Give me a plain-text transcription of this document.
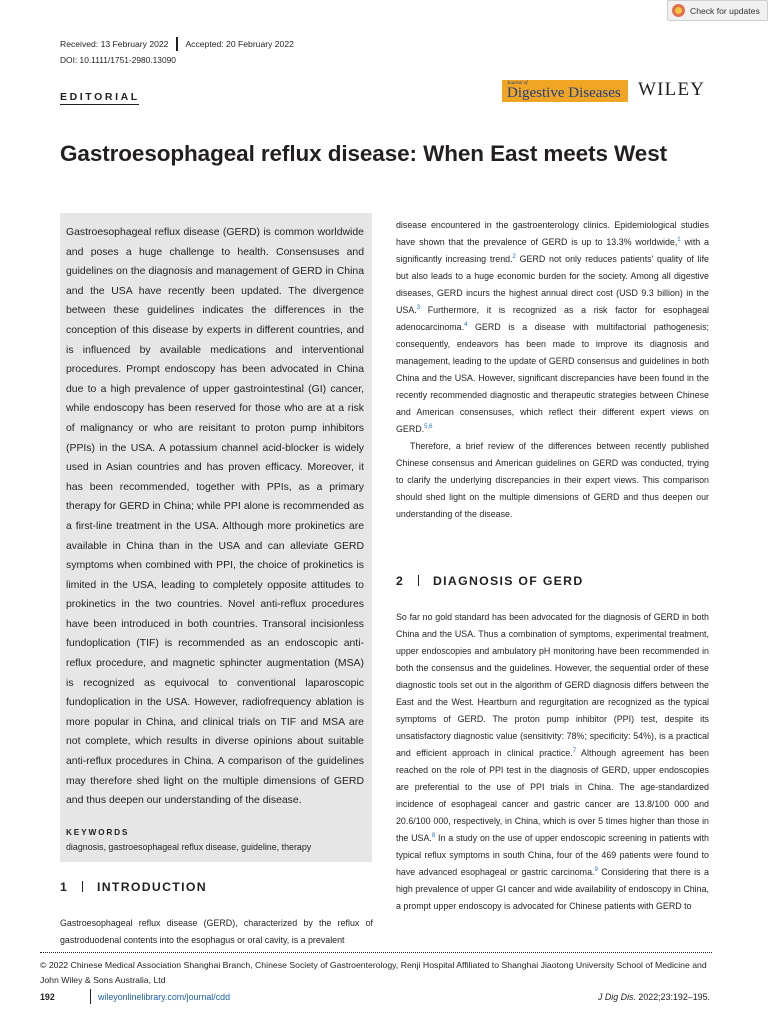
Check for updates
Received: 13 February 2022 Accepted: 20 February 2022
DOI: 10.1111/1751-2980.13090
EDITORIAL
Journal of
Digestive Diseases WILEY
Gastroesophageal reflux disease: When East meets West
Gastroesophageal reflux disease (GERD) is common worldwide and poses a huge challenge to health. Consensuses and guidelines on the diagnosis and management of GERD in China and the USA have recently been updated. The divergence between these guidelines indicates the differences in the conception of this disease by experts in different countries, and is influenced by available medications and interventional procedures. Prompt endoscopy has been advocated in China due to a high prevalence of upper gastrointestinal (GI) cancer, while endoscopy has been reserved for those who are at a risk of malignancy or who are reisitant to proton pump inhibitors (PPIs) in the USA. A potassium channel acid-blocker is widely used in Asian countries and has proven efficacy. Moreover, it has been recommended, together with PPIs, as a primary therapy for GERD in China; while PPI alone is recommended as a first-line treatment in the USA. Although more prokinetics are available in China than in the USA and can alleviate GERD symptoms when combined with PPI, the choice of prokinetics is limited in the USA, leading to completely opposite attitudes to prokinetics in the two countries. Novel anti-reflux procedures have been introduced in both countries. Transoral incisionless fundoplication (TIF) is recommended as an endoscopic anti-reflux procedure, and magnetic sphincter augmentation (MSA) is recognized as equivocal to conventional laparoscopic fundoplication in the USA. However, radiofrequency ablation is more popular in China, and clinical trials on TIF and MSA are not complete, which results in diverse opinions about suitable anti-reflux procedures in China. A comparison of the guidelines may therefore shed light on the multiple dimensions of GERD and thus deepen our understanding of the disease.
KEYWORDS
diagnosis, gastroesophageal reflux disease, guideline, therapy
1 INTRODUCTION

Gastroesophageal reflux disease (GERD), characterized by the reflux of gastroduodenal contents into the esophagus or oral cavity, is a prevalent

disease encountered in the gastroenterology clinics. Epidemiological studies have shown that the prevalence of GERD is up to 13.3% worldwide,$^1$ with a significantly increasing trend.$^2$ GERD not only reduces patients' quality of life but also leads to a huge economic burden for the society. Among all digestive diseases, GERD incurs the highest annual direct cost (USD 9.3 billion) in the USA.$^3$ Furthermore, it is recognized as a risk factor for esophageal adenocarcinoma.$^4$ GERD is a disease with multifactorial pathogenesis; consequently, endeavors has been made to improve its diagnosis and management, leading to the update of GERD consensus and guidelines in both China and the USA. However, significant discrepancies have been found in the recently recommended diagnostic and therapeutic strategies between Chinese and American consensuses, which reflect their different expert views on GERD.$^{5,6}$

Therefore, a brief review of the differences between recently published Chinese consensus and American guidelines on GERD was conducted, trying to clarify the underlying discrepancies in their expert views. This comparison should shed light on the multiple dimensions of GERD and thus deepen our understanding of the disease.

2 DIAGNOSIS OF GERD

So far no gold standard has been advocated for the diagnosis of GERD in both China and the USA. Thus a combination of symptoms, experimental treatment, upper endoscopies and ambulatory pH monitoring have been recommended in both the consensus and the guidelines. However, the sequential order of these diagnostic tools set out in the algorithm of GERD diagnosis differs between the East and the West. Heartburn and regurgitation are recognized as the typical symptoms of GERD. The proton pump inhibitor (PPI) test, despite its unsatisfactory diagnostic value (sensitivity: 78%; specificity: 54%), is a practical and efficient approach in clinical practice.$^7$ Although agreement has been reached on the role of PPI test in the diagnosis of GERD, upper endoscopies are preferential to the use of PPI trials in China. The age-standardized incidence of esophageal cancer and gastric cancer are 13.8/100 000 and 20.6/100 000, respectively, in China, which is over 5 times higher than those in the USA.$^8$ In a study on the use of upper endoscopic screening in patients with typical reflux symptoms in south China, four of the 469 patients were found to have advanced esophageal or gastric carcinoma.$^9$ Considering that there is a high prevalence of upper GI cancer and wide availability of endoscopy in China, a prompt upper endoscopy is advocated for Chinese patients with GERD to

© 2022 Chinese Medical Association Shanghai Branch, Chinese Society of Gastroenterology, Renji Hospital Affiliated to Shanghai Jiaotong University School of Medicine and John Wiley & Sons Australia, Ltd
192	wileyonlinelibrary.com/journal/cdd	J Dig Dis. 2022;23:192–195.
